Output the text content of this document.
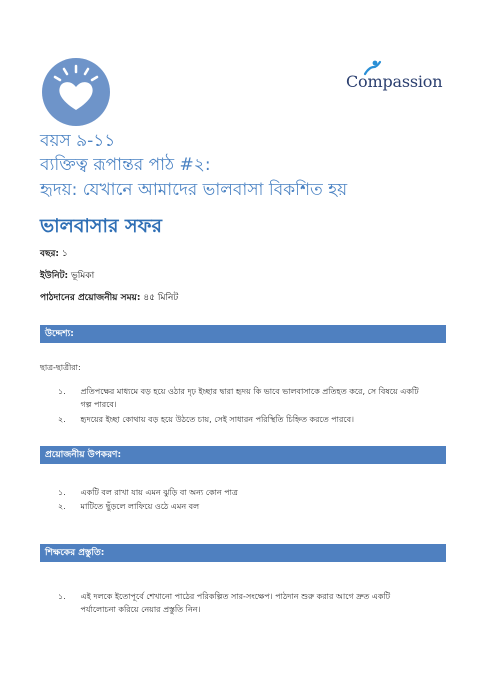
Compassion
বয়স ৯-১১
ব্যক্তিত্ব রূপান্তর পাঠ #২:
হৃদয়: যেখানে আমাদের ভালবাসা বিকশিত হয়
ভালবাসার সফর
বছর: ১
ইউনিট: ভূমিকা
পাঠদানের প্রয়োজনীয় সময়: ৪৫ মিনিট
উদ্দেশ্য:
ছাত্র-ছাত্রীরা:
১. প্রতিপক্ষের মাধ্যমে বড় হয়ে ওঠার দৃঢ় ইচ্ছার দ্বারা হৃদয় কি ভাবে ভালবাসাকে প্রতিহত করে, সে বিষয়ে একটি
গল্প পারবে।
২. হৃদয়ের ইচ্ছা কোথায় বড় হয়ে উঠতে চায়, সেই সাধারন পরিস্থিতি চিহ্নিত করতে পারবে।
প্রয়োজনীয় উপকরণ:
১. একটি বল রাখা যায় এমন ঝুড়ি বা অন্য কোন পাত্র
২. মাটিতে ছুঁড়লে লাফিয়ে ওঠে এমন বল
শিক্ষকের প্রস্তুতি:
১. এই দলকে ইতোপূর্বে শেখানো পাঠের পরিকল্পিত সার-সংক্ষেপ। পাঠদান শুরু করার আগে দ্রুত একটি
পর্যালোচনা করিয়ে নেয়ার প্রস্তুতি নিন।
